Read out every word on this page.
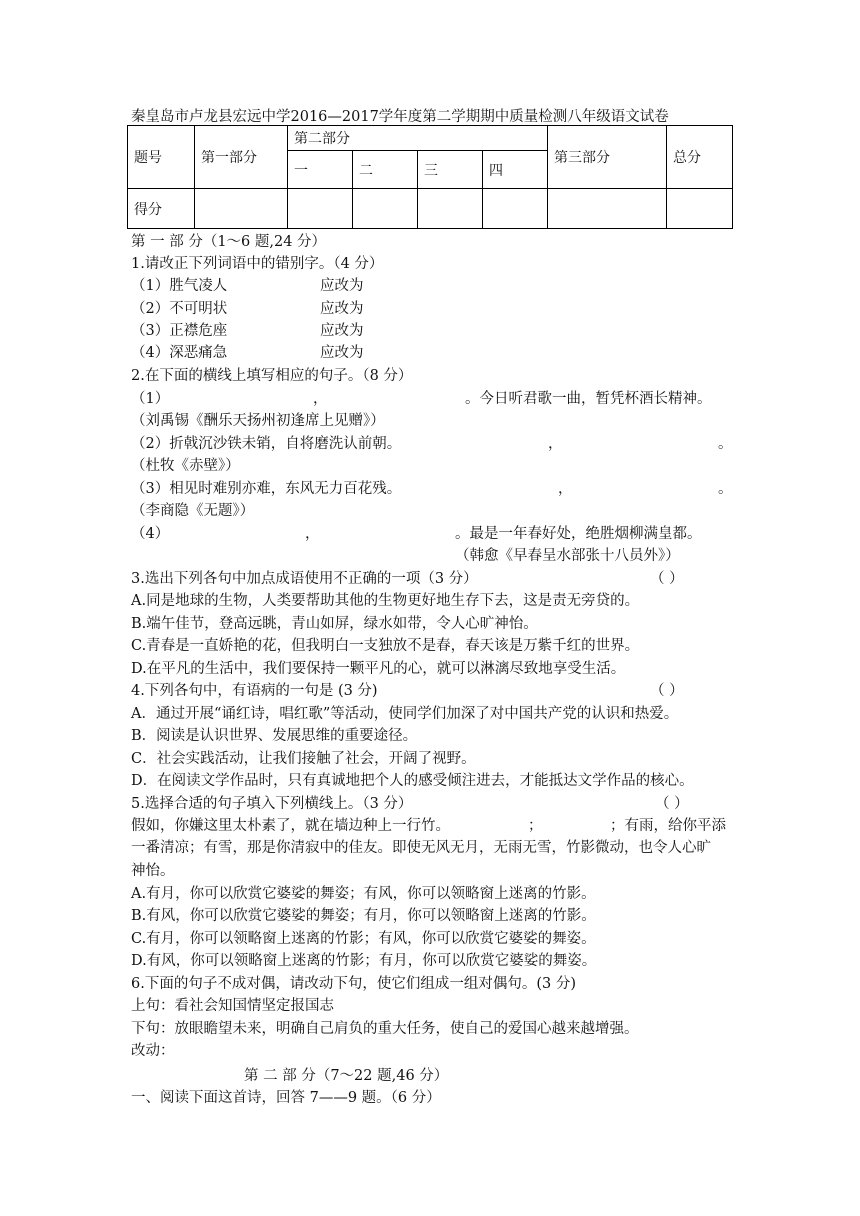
秦皇岛市卢龙县宏远中学2016—2017学年度第二学期期中质量检测八年级语文试卷
题号	第一部分	第二部分				第三部分	总分
		一	二	三	四		
得分							
第 一 部 分（1～6 题,24 分）
1.请改正下列词语中的错别字。（4 分）
（1）胜气凌人	应改为
（2）不可明状	应改为
（3）正襟危座	应改为
（4）深恶痛急	应改为
2.在下面的横线上填写相应的句子。（8 分）
（1）	，	。今日听君歌一曲，暂凭杯酒长精神。
（刘禹锡《酬乐天扬州初逢席上见赠》）
（2）折戟沉沙铁未销，自将磨洗认前朝。	，	。
（杜牧《赤壁》）
（3）相见时难别亦难，东风无力百花残。	，	。
（李商隐《无题》）
（4）	，	。最是一年春好处，绝胜烟柳满皇都。
（韩愈《早春呈水部张十八员外》）
3.选出下列各句中加点成语使用不正确的一项（3 分）	（ ）
A.同是地球的生物，人类要帮助其他的生物更好地生存下去，这是责无旁贷的。
B.端午佳节，登高远眺，青山如屏，绿水如带，令人心旷神怡。
C.青春是一直娇艳的花，但我明白一支独放不是春，春天该是万紫千红的世界。
D.在平凡的生活中，我们要保持一颗平凡的心，就可以淋漓尽致地享受生活。
4.下列各句中，有语病的一句是 (3 分)	（ ）
A．通过开展“诵红诗，唱红歌”等活动，使同学们加深了对中国共产党的认识和热爱。
B．阅读是认识世界、发展思维的重要途径。
C．社会实践活动，让我们接触了社会，开阔了视野。
D．在阅读文学作品时，只有真诚地把个人的感受倾注进去，才能抵达文学作品的核心。
5.选择合适的句子填入下列横线上。（3 分）	（ ）
假如，你嫌这里太朴素了，就在墙边种上一行竹。	；	；有雨，给你平添
一番清凉；有雪，那是你清寂中的佳友。即使无风无月，无雨无雪，竹影微动，也令人心旷
神怡。
A.有月，你可以欣赏它婆娑的舞姿；有风，你可以领略窗上迷离的竹影。
B.有风，你可以欣赏它婆娑的舞姿；有月，你可以领略窗上迷离的竹影。
C.有月，你可以领略窗上迷离的竹影；有风，你可以欣赏它婆娑的舞姿。
D.有风，你可以领略窗上迷离的竹影；有月，你可以欣赏它婆娑的舞姿。
6.下面的句子不成对偶，请改动下句，使它们组成一组对偶句。(3 分)
上句：看社会知国情坚定报国志
下句：放眼瞻望未来，明确自己肩负的重大任务，使自己的爱国心越来越增强。
改动：
第 二 部 分（7～22 题,46 分）
一、阅读下面这首诗，回答 7——9 题。（6 分）
